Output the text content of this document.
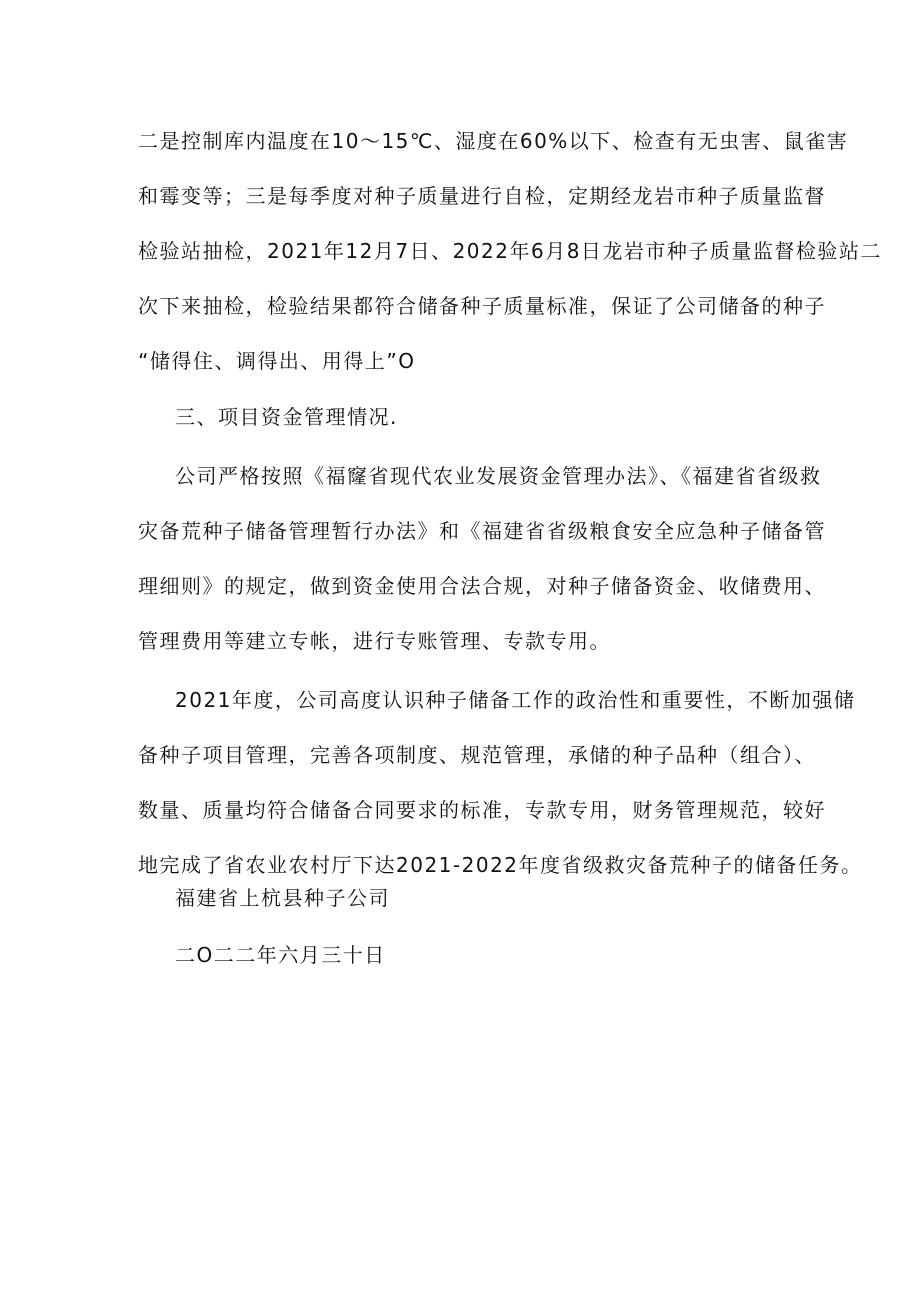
二是控制库内温度在10～15℃、湿度在60%以下、检查有无虫害、鼠雀害
和霉变等；三是每季度对种子质量进行自检，定期经龙岩市种子质量监督
检验站抽检，2021年12月7日、2022年6月8日龙岩市种子质量监督检验站二
次下来抽检，检验结果都符合储备种子质量标准，保证了公司储备的种子
“储得住、调得出、用得上”O
三、项目资金管理情况.
公司严格按照《福窿省现代农业发展资金管理办法》、《福建省省级救
灾备荒种子储备管理暂行办法》和《福建省省级粮食安全应急种子储备管
理细则》的规定，做到资金使用合法合规，对种子储备资金、收储费用、
管理费用等建立专帐，进行专账管理、专款专用。
2021年度，公司高度认识种子储备工作的政治性和重要性，不断加强储
备种子项目管理，完善各项制度、规范管理，承储的种子品种（组合）、
数量、质量均符合储备合同要求的标准，专款专用，财务管理规范，较好
地完成了省农业农村厅下达2021-2022年度省级救灾备荒种子的储备任务。
福建省上杭县种子公司
二O二二年六月三十日
